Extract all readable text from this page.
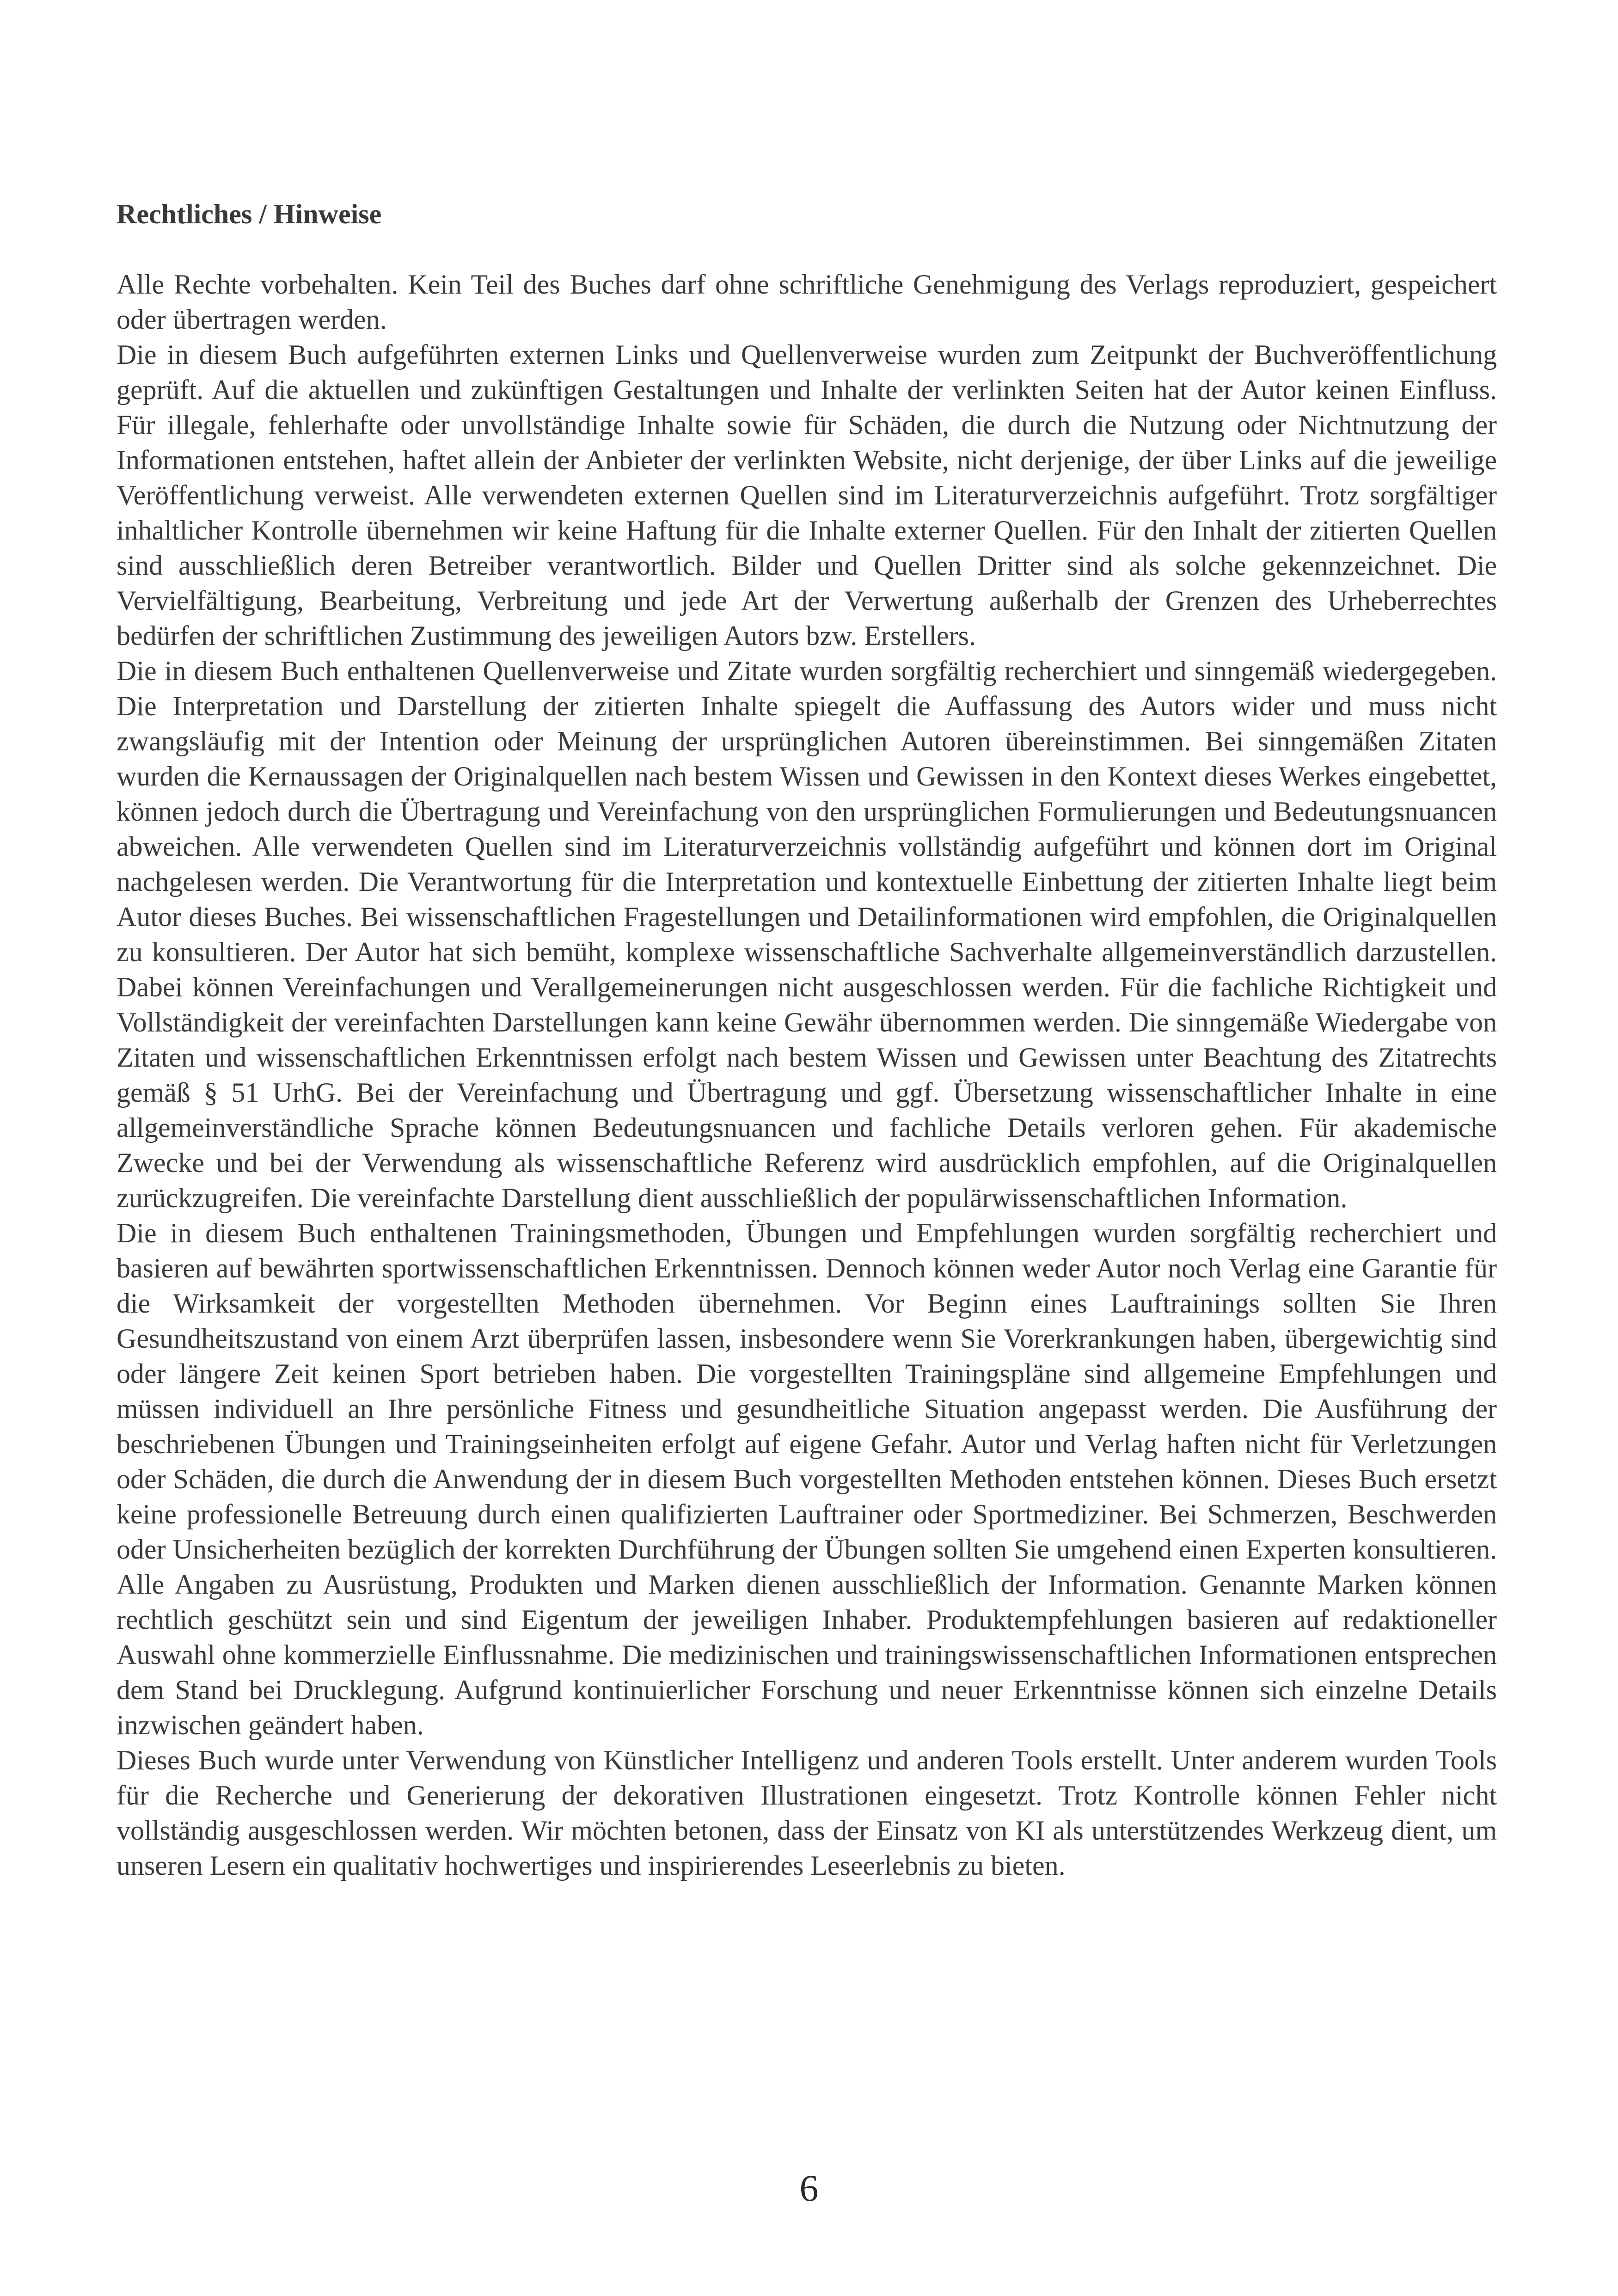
Rechtliches / Hinweise

Alle Rechte vorbehalten. Kein Teil des Buches darf ohne schriftliche Genehmigung des Verlags reproduziert, gespeichert oder übertragen werden.

Die in diesem Buch aufgeführten externen Links und Quellenverweise wurden zum Zeitpunkt der Buchveröffentlichung geprüft. Auf die aktuellen und zukünftigen Gestaltungen und Inhalte der verlinkten Seiten hat der Autor keinen Einfluss. Für illegale, fehlerhafte oder unvollständige Inhalte sowie für Schäden, die durch die Nutzung oder Nichtnutzung der Informationen entstehen, haftet allein der Anbieter der verlinkten Website, nicht derjenige, der über Links auf die jeweilige Veröffentlichung verweist. Alle verwendeten externen Quellen sind im Literaturverzeichnis aufgeführt. Trotz sorgfältiger inhaltlicher Kontrolle übernehmen wir keine Haftung für die Inhalte externer Quellen. Für den Inhalt der zitierten Quellen sind ausschließlich deren Betreiber verantwortlich. Bilder und Quellen Dritter sind als solche gekennzeichnet. Die Vervielfältigung, Bearbeitung, Verbreitung und jede Art der Verwertung außerhalb der Grenzen des Urheberrechtes bedürfen der schriftlichen Zustimmung des jeweiligen Autors bzw. Erstellers.

Die in diesem Buch enthaltenen Quellenverweise und Zitate wurden sorgfältig recherchiert und sinngemäß wiedergegeben. Die Interpretation und Darstellung der zitierten Inhalte spiegelt die Auffassung des Autors wider und muss nicht zwangsläufig mit der Intention oder Meinung der ursprünglichen Autoren übereinstimmen. Bei sinngemäßen Zitaten wurden die Kernaussagen der Originalquellen nach bestem Wissen und Gewissen in den Kontext dieses Werkes eingebettet, können jedoch durch die Übertragung und Vereinfachung von den ursprünglichen Formulierungen und Bedeutungsnuancen abweichen. Alle verwendeten Quellen sind im Literaturverzeichnis vollständig aufgeführt und können dort im Original nachgelesen werden. Die Verantwortung für die Interpretation und kontextuelle Einbettung der zitierten Inhalte liegt beim Autor dieses Buches. Bei wissenschaftlichen Fragestellungen und Detailinformationen wird empfohlen, die Originalquellen zu konsultieren. Der Autor hat sich bemüht, komplexe wissenschaftliche Sachverhalte allgemeinverständlich darzustellen. Dabei können Vereinfachungen und Verallgemeinerungen nicht ausgeschlossen werden. Für die fachliche Richtigkeit und Vollständigkeit der vereinfachten Darstellungen kann keine Gewähr übernommen werden. Die sinngemäße Wiedergabe von Zitaten und wissenschaftlichen Erkenntnissen erfolgt nach bestem Wissen und Gewissen unter Beachtung des Zitatrechts gemäß § 51 UrhG. Bei der Vereinfachung und Übertragung und ggf. Übersetzung wissenschaftlicher Inhalte in eine allgemeinverständliche Sprache können Bedeutungsnuancen und fachliche Details verloren gehen. Für akademische Zwecke und bei der Verwendung als wissenschaftliche Referenz wird ausdrücklich empfohlen, auf die Originalquellen zurückzugreifen. Die vereinfachte Darstellung dient ausschließlich der populärwissenschaftlichen Information.

Die in diesem Buch enthaltenen Trainingsmethoden, Übungen und Empfehlungen wurden sorgfältig recherchiert und basieren auf bewährten sportwissenschaftlichen Erkenntnissen. Dennoch können weder Autor noch Verlag eine Garantie für die Wirksamkeit der vorgestellten Methoden übernehmen. Vor Beginn eines Lauftrainings sollten Sie Ihren Gesundheitszustand von einem Arzt überprüfen lassen, insbesondere wenn Sie Vorerkrankungen haben, übergewichtig sind oder längere Zeit keinen Sport betrieben haben. Die vorgestellten Trainingspläne sind allgemeine Empfehlungen und müssen individuell an Ihre persönliche Fitness und gesundheitliche Situation angepasst werden. Die Ausführung der beschriebenen Übungen und Trainingseinheiten erfolgt auf eigene Gefahr. Autor und Verlag haften nicht für Verletzungen oder Schäden, die durch die Anwendung der in diesem Buch vorgestellten Methoden entstehen können. Dieses Buch ersetzt keine professionelle Betreuung durch einen qualifizierten Lauftrainer oder Sportmediziner. Bei Schmerzen, Beschwerden oder Unsicherheiten bezüglich der korrekten Durchführung der Übungen sollten Sie umgehend einen Experten konsultieren. Alle Angaben zu Ausrüstung, Produkten und Marken dienen ausschließlich der Information. Genannte Marken können rechtlich geschützt sein und sind Eigentum der jeweiligen Inhaber. Produktempfehlungen basieren auf redaktioneller Auswahl ohne kommerzielle Einflussnahme. Die medizinischen und trainingswissenschaftlichen Informationen entsprechen dem Stand bei Drucklegung. Aufgrund kontinuierlicher Forschung und neuer Erkenntnisse können sich einzelne Details inzwischen geändert haben.

Dieses Buch wurde unter Verwendung von Künstlicher Intelligenz und anderen Tools erstellt. Unter anderem wurden Tools für die Recherche und Generierung der dekorativen Illustrationen eingesetzt. Trotz Kontrolle können Fehler nicht vollständig ausgeschlossen werden. Wir möchten betonen, dass der Einsatz von KI als unterstützendes Werkzeug dient, um unseren Lesern ein qualitativ hochwertiges und inspirierendes Leseerlebnis zu bieten.

6
